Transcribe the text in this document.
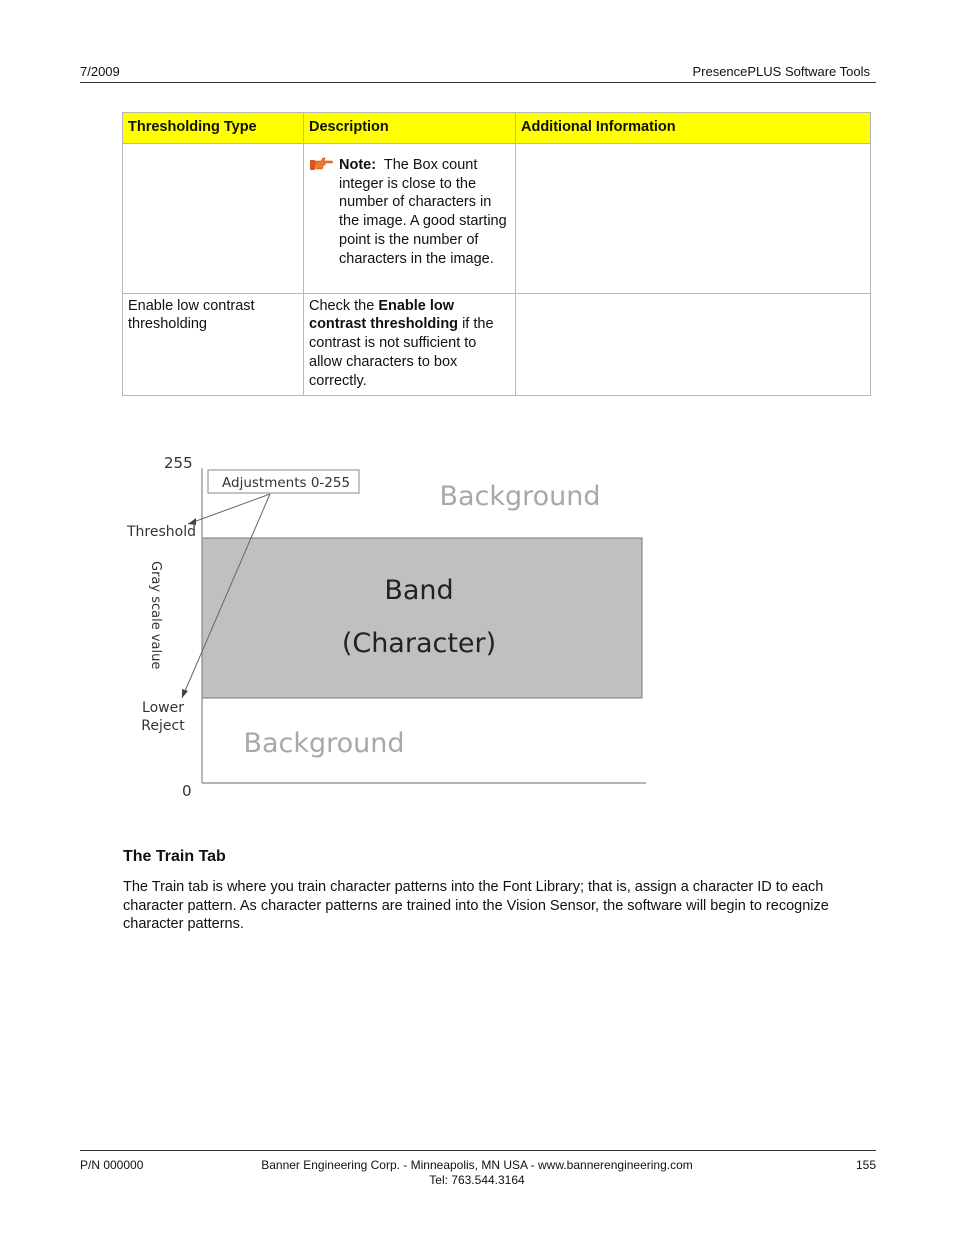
7/2009	PresencePLUS Software Tools
Thresholding Type	Description	Additional Information

	Note: The Box count integer is close to the number of characters in the image. A good starting point is the number of characters in the image.	

Enable low contrast thresholding	Check the Enable low contrast thresholding if the contrast is not sufficient to allow characters to box correctly.	
255
0
Adjustments 0-255
Threshold
Gray scale value
Lower
Reject
Background
Band
(Character)
Background
The Train Tab
The Train tab is where you train character patterns into the Font Library; that is, assign a character ID to each character pattern. As character patterns are trained into the Vision Sensor, the software will begin to recognize character patterns.
P/N 000000	Banner Engineering Corp. - Minneapolis, MN USA - www.bannerengineering.com
Tel: 763.544.3164
155
